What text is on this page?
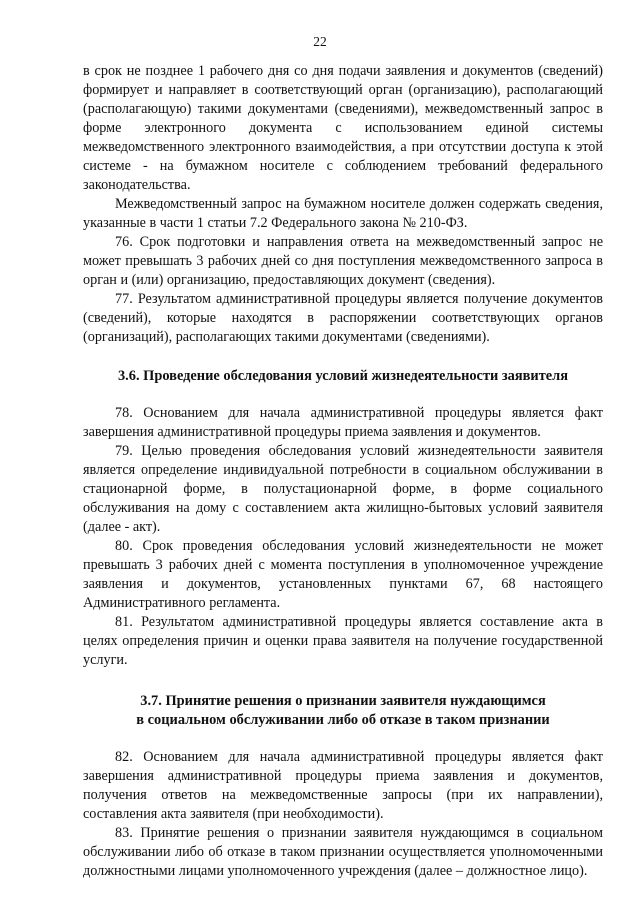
22

в срок не позднее 1 рабочего дня со дня подачи заявления и документов (сведений) формирует и направляет в соответствующий орган (организацию), располагающий (располагающую) такими документами (сведениями), межведомственный запрос в форме электронного документа с использованием единой системы межведомственного электронного взаимодействия, а при отсутствии доступа к этой системе - на бумажном носителе с соблюдением требований федерального законодательства.

Межведомственный запрос на бумажном носителе должен содержать сведения, указанные в части 1 статьи 7.2 Федерального закона № 210-ФЗ.

76. Срок подготовки и направления ответа на межведомственный запрос не может превышать 3 рабочих дней со дня поступления межведомственного запроса в орган и (или) организацию, предоставляющих документ (сведения).

77. Результатом административной процедуры является получение документов (сведений), которые находятся в распоряжении соответствующих органов (организаций), располагающих такими документами (сведениями).

3.6. Проведение обследования условий жизнедеятельности заявителя

78. Основанием для начала административной процедуры является факт завершения административной процедуры приема заявления и документов.

79. Целью проведения обследования условий жизнедеятельности заявителя является определение индивидуальной потребности в социальном обслуживании в стационарной форме, в полустационарной форме, в форме социального обслуживания на дому с составлением акта жилищно-бытовых условий заявителя (далее - акт).

80. Срок проведения обследования условий жизнедеятельности не может превышать 3 рабочих дней с момента поступления в уполномоченное учреждение заявления и документов, установленных пунктами 67, 68 настоящего Административного регламента.

81. Результатом административной процедуры является составление акта в целях определения причин и оценки права заявителя на получение государственной услуги.

3.7. Принятие решения о признании заявителя нуждающимся
в социальном обслуживании либо об отказе в таком признании

82. Основанием для начала административной процедуры является факт завершения административной процедуры приема заявления и документов, получения ответов на межведомственные запросы (при их направлении), составления акта заявителя (при необходимости).

83. Принятие решения о признании заявителя нуждающимся в социальном обслуживании либо об отказе в таком признании осуществляется уполномоченными должностными лицами уполномоченного учреждения (далее – должностное лицо).
